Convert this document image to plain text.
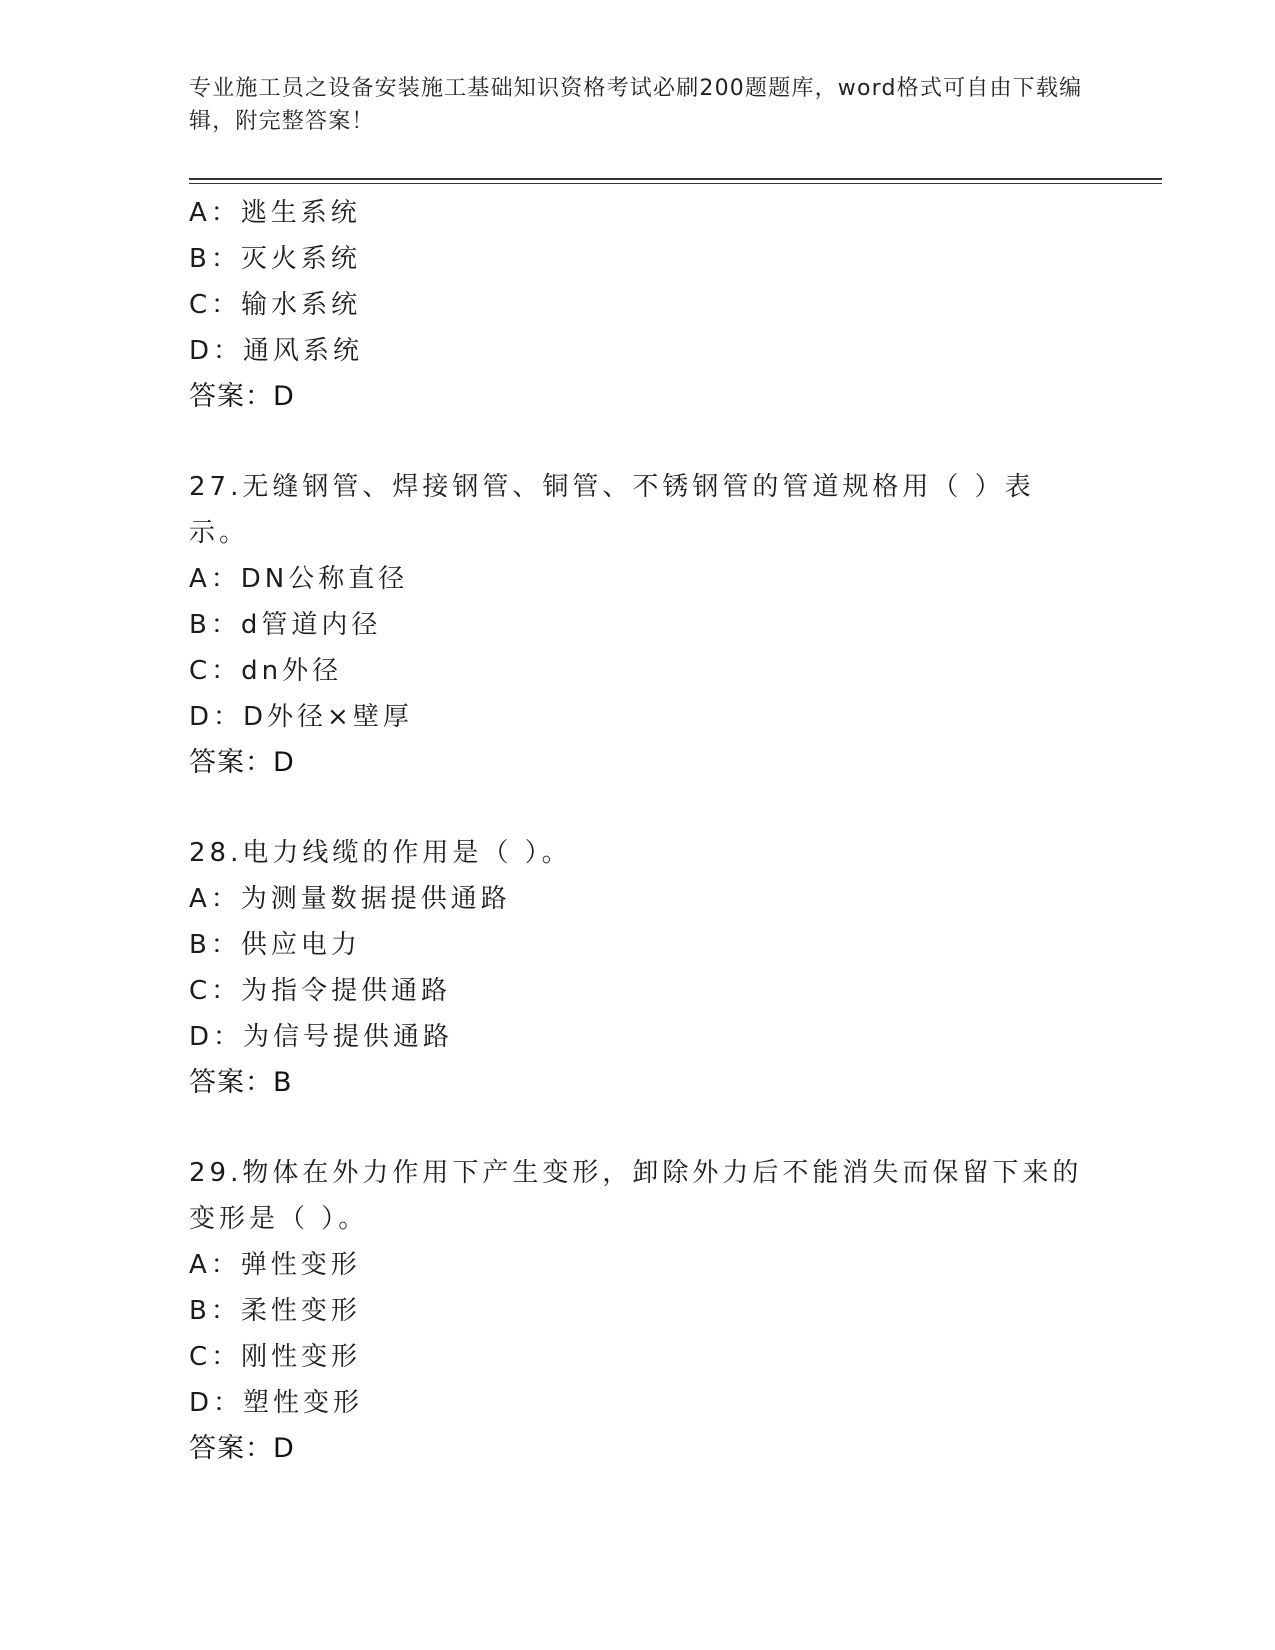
专业施工员之设备安装施工基础知识资格考试必刷200题题库，word格式可自由下载编辑，附完整答案！
A：逃生系统
B：灭火系统
C：输水系统
D：通风系统
答案：D
27.无缝钢管、焊接钢管、铜管、不锈钢管的管道规格用（ ）表示。
A：DN公称直径
B：d管道内径
C：dn外径
D：D外径×壁厚
答案：D
28.电力线缆的作用是（ ）。
A：为测量数据提供通路
B：供应电力
C：为指令提供通路
D：为信号提供通路
答案：B
29.物体在外力作用下产生变形，卸除外力后不能消失而保留下来的变形是（ ）。
A：弹性变形
B：柔性变形
C：刚性变形
D：塑性变形
答案：D
